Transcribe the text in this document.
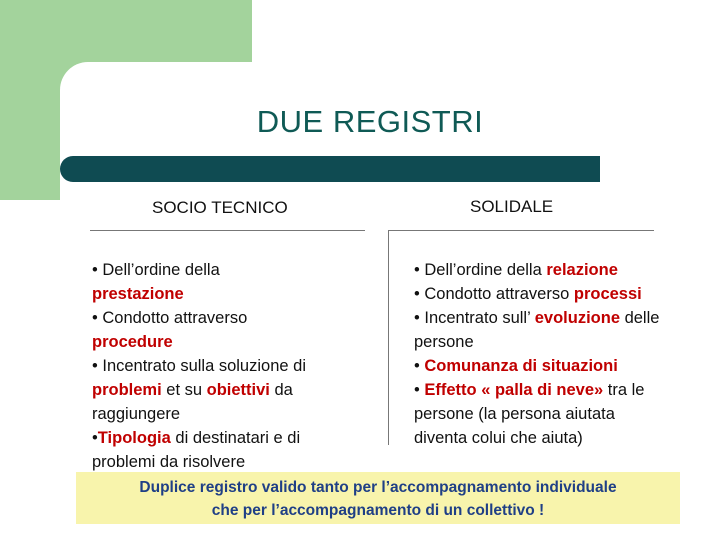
DUE REGISTRI
SOCIO TECNICO	SOLIDALE
• Dell’ordine della
prestazione
• Condotto attraverso
procedure
• Incentrato sulla soluzione di
problemi et su obiettivi da
raggiungere
•Tipologia di destinatari e di
problemi da risolvere
• Dell’ordine della relazione
• Condotto attraverso processi
• Incentrato sull’ evoluzione delle
persone
• Comunanza di situazioni
• Effetto « palla di neve» tra le
persone (la persona aiutata
diventa colui che aiuta)
Duplice registro valido tanto per l’accompagnamento individuale
che per l’accompagnamento di un collettivo !
